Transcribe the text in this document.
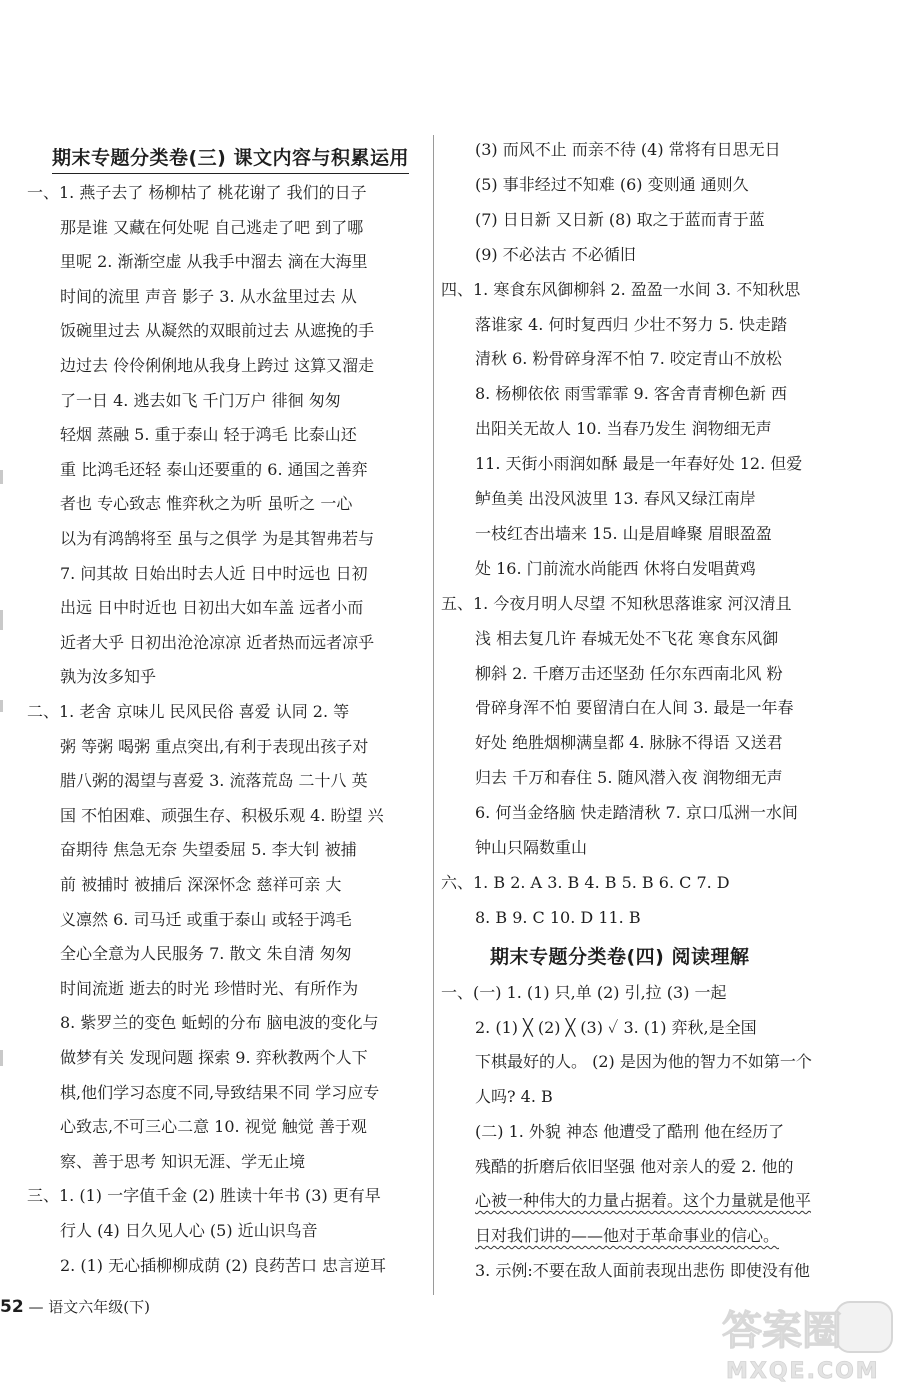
期末专题分类卷(三) 课文内容与积累运用
一、1. 燕子去了 杨柳枯了 桃花谢了 我们的日子
那是谁 又藏在何处呢 自己逃走了吧 到了哪
里呢 2. 渐渐空虚 从我手中溜去 滴在大海里
时间的流里 声音 影子 3. 从水盆里过去 从
饭碗里过去 从凝然的双眼前过去 从遮挽的手
边过去 伶伶俐俐地从我身上跨过 这算又溜走
了一日 4. 逃去如飞 千门万户 徘徊 匆匆
轻烟 蒸融 5. 重于泰山 轻于鸿毛 比泰山还
重 比鸿毛还轻 泰山还要重的 6. 通国之善弈
者也 专心致志 惟弈秋之为听 虽听之 一心
以为有鸿鹄将至 虽与之俱学 为是其智弗若与
7. 问其故 日始出时去人近 日中时远也 日初
出远 日中时近也 日初出大如车盖 远者小而
近者大乎 日初出沧沧凉凉 近者热而远者凉乎
孰为汝多知乎
二、1. 老舍 京味儿 民风民俗 喜爱 认同 2. 等
粥 等粥 喝粥 重点突出,有利于表现出孩子对
腊八粥的渴望与喜爱 3. 流落荒岛 二十八 英
国 不怕困难、顽强生存、积极乐观 4. 盼望 兴
奋期待 焦急无奈 失望委屈 5. 李大钊 被捕
前 被捕时 被捕后 深深怀念 慈祥可亲 大
义凛然 6. 司马迁 或重于泰山 或轻于鸿毛
全心全意为人民服务 7. 散文 朱自清 匆匆
时间流逝 逝去的时光 珍惜时光、有所作为
8. 紫罗兰的变色 蚯蚓的分布 脑电波的变化与
做梦有关 发现问题 探索 9. 弈秋教两个人下
棋,他们学习态度不同,导致结果不同 学习应专
心致志,不可三心二意 10. 视觉 触觉 善于观
察、善于思考 知识无涯、学无止境
三、1. (1) 一字值千金 (2) 胜读十年书 (3) 更有早
行人 (4) 日久见人心 (5) 近山识鸟音
2. (1) 无心插柳柳成荫 (2) 良药苦口 忠言逆耳
(3) 而风不止 而亲不待 (4) 常将有日思无日
(5) 事非经过不知难 (6) 变则通 通则久
(7) 日日新 又日新 (8) 取之于蓝而青于蓝
(9) 不必法古 不必循旧
四、1. 寒食东风御柳斜 2. 盈盈一水间 3. 不知秋思
落谁家 4. 何时复西归 少壮不努力 5. 快走踏
清秋 6. 粉骨碎身浑不怕 7. 咬定青山不放松
8. 杨柳依依 雨雪霏霏 9. 客舍青青柳色新 西
出阳关无故人 10. 当春乃发生 润物细无声
11. 天街小雨润如酥 最是一年春好处 12. 但爱
鲈鱼美 出没风波里 13. 春风又绿江南岸
一枝红杏出墙来 15. 山是眉峰聚 眉眼盈盈
处 16. 门前流水尚能西 休将白发唱黄鸡
五、1. 今夜月明人尽望 不知秋思落谁家 河汉清且
浅 相去复几许 春城无处不飞花 寒食东风御
柳斜 2. 千磨万击还坚劲 任尔东西南北风 粉
骨碎身浑不怕 要留清白在人间 3. 最是一年春
好处 绝胜烟柳满皇都 4. 脉脉不得语 又送君
归去 千万和春住 5. 随风潜入夜 润物细无声
6. 何当金络脑 快走踏清秋 7. 京口瓜洲一水间
钟山只隔数重山
六、1. B 2. A 3. B 4. B 5. B 6. C 7. D
8. B 9. C 10. D 11. B
期末专题分类卷(四) 阅读理解
一、(一) 1. (1) 只,单 (2) 引,拉 (3) 一起
2. (1) ╳ (2) ╳ (3) ✓ 3. (1) 弈秋,是全国
下棋最好的人。 (2) 是因为他的智力不如第一个
人吗? 4. B
(二) 1. 外貌 神态 他遭受了酷刑 他在经历了
残酷的折磨后依旧坚强 他对亲人的爱 2. 他的
心被一种伟大的力量占据着。这个力量就是他平
日对我们讲的——他对于革命事业的信心。
3. 示例:不要在敌人面前表现出悲伤 即使没有他
52 — 语文六年级(下)
答案圈
MXQE.COM
